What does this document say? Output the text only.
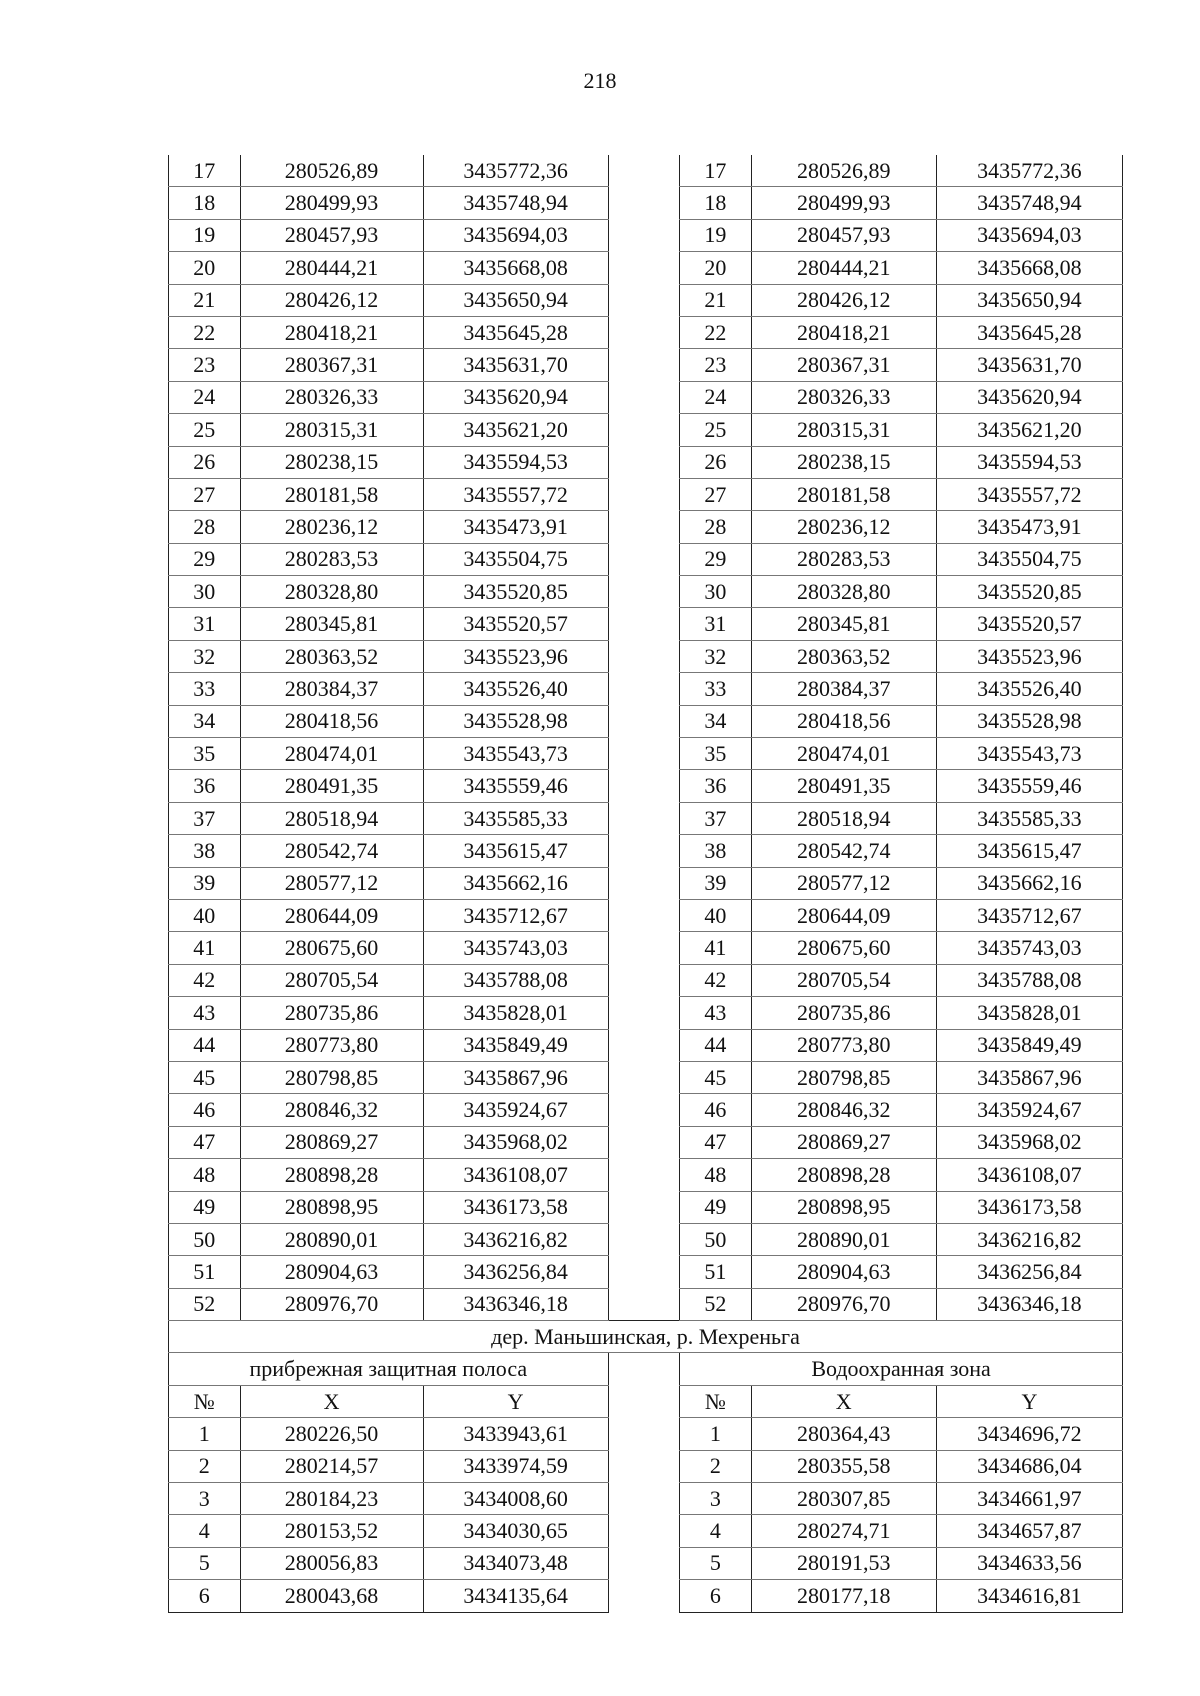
218
17	280526,89	3435772,36		17	280526,89	3435772,36
18	280499,93	3435748,94		18	280499,93	3435748,94
19	280457,93	3435694,03		19	280457,93	3435694,03
20	280444,21	3435668,08		20	280444,21	3435668,08
21	280426,12	3435650,94		21	280426,12	3435650,94
22	280418,21	3435645,28		22	280418,21	3435645,28
23	280367,31	3435631,70		23	280367,31	3435631,70
24	280326,33	3435620,94		24	280326,33	3435620,94
25	280315,31	3435621,20		25	280315,31	3435621,20
26	280238,15	3435594,53		26	280238,15	3435594,53
27	280181,58	3435557,72		27	280181,58	3435557,72
28	280236,12	3435473,91		28	280236,12	3435473,91
29	280283,53	3435504,75		29	280283,53	3435504,75
30	280328,80	3435520,85		30	280328,80	3435520,85
31	280345,81	3435520,57		31	280345,81	3435520,57
32	280363,52	3435523,96		32	280363,52	3435523,96
33	280384,37	3435526,40		33	280384,37	3435526,40
34	280418,56	3435528,98		34	280418,56	3435528,98
35	280474,01	3435543,73		35	280474,01	3435543,73
36	280491,35	3435559,46		36	280491,35	3435559,46
37	280518,94	3435585,33		37	280518,94	3435585,33
38	280542,74	3435615,47		38	280542,74	3435615,47
39	280577,12	3435662,16		39	280577,12	3435662,16
40	280644,09	3435712,67		40	280644,09	3435712,67
41	280675,60	3435743,03		41	280675,60	3435743,03
42	280705,54	3435788,08		42	280705,54	3435788,08
43	280735,86	3435828,01		43	280735,86	3435828,01
44	280773,80	3435849,49		44	280773,80	3435849,49
45	280798,85	3435867,96		45	280798,85	3435867,96
46	280846,32	3435924,67		46	280846,32	3435924,67
47	280869,27	3435968,02		47	280869,27	3435968,02
48	280898,28	3436108,07		48	280898,28	3436108,07
49	280898,95	3436173,58		49	280898,95	3436173,58
50	280890,01	3436216,82		50	280890,01	3436216,82
51	280904,63	3436256,84		51	280904,63	3436256,84
52	280976,70	3436346,18		52	280976,70	3436346,18
дер. Маньшинская, р. Мехреньга						
прибрежная защитная полоса				Водоохранная зона		
№	X	Y		№	X	Y
1	280226,50	3433943,61		1	280364,43	3434696,72
2	280214,57	3433974,59		2	280355,58	3434686,04
3	280184,23	3434008,60		3	280307,85	3434661,97
4	280153,52	3434030,65		4	280274,71	3434657,87
5	280056,83	3434073,48		5	280191,53	3434633,56
6	280043,68	3434135,64		6	280177,18	3434616,81
